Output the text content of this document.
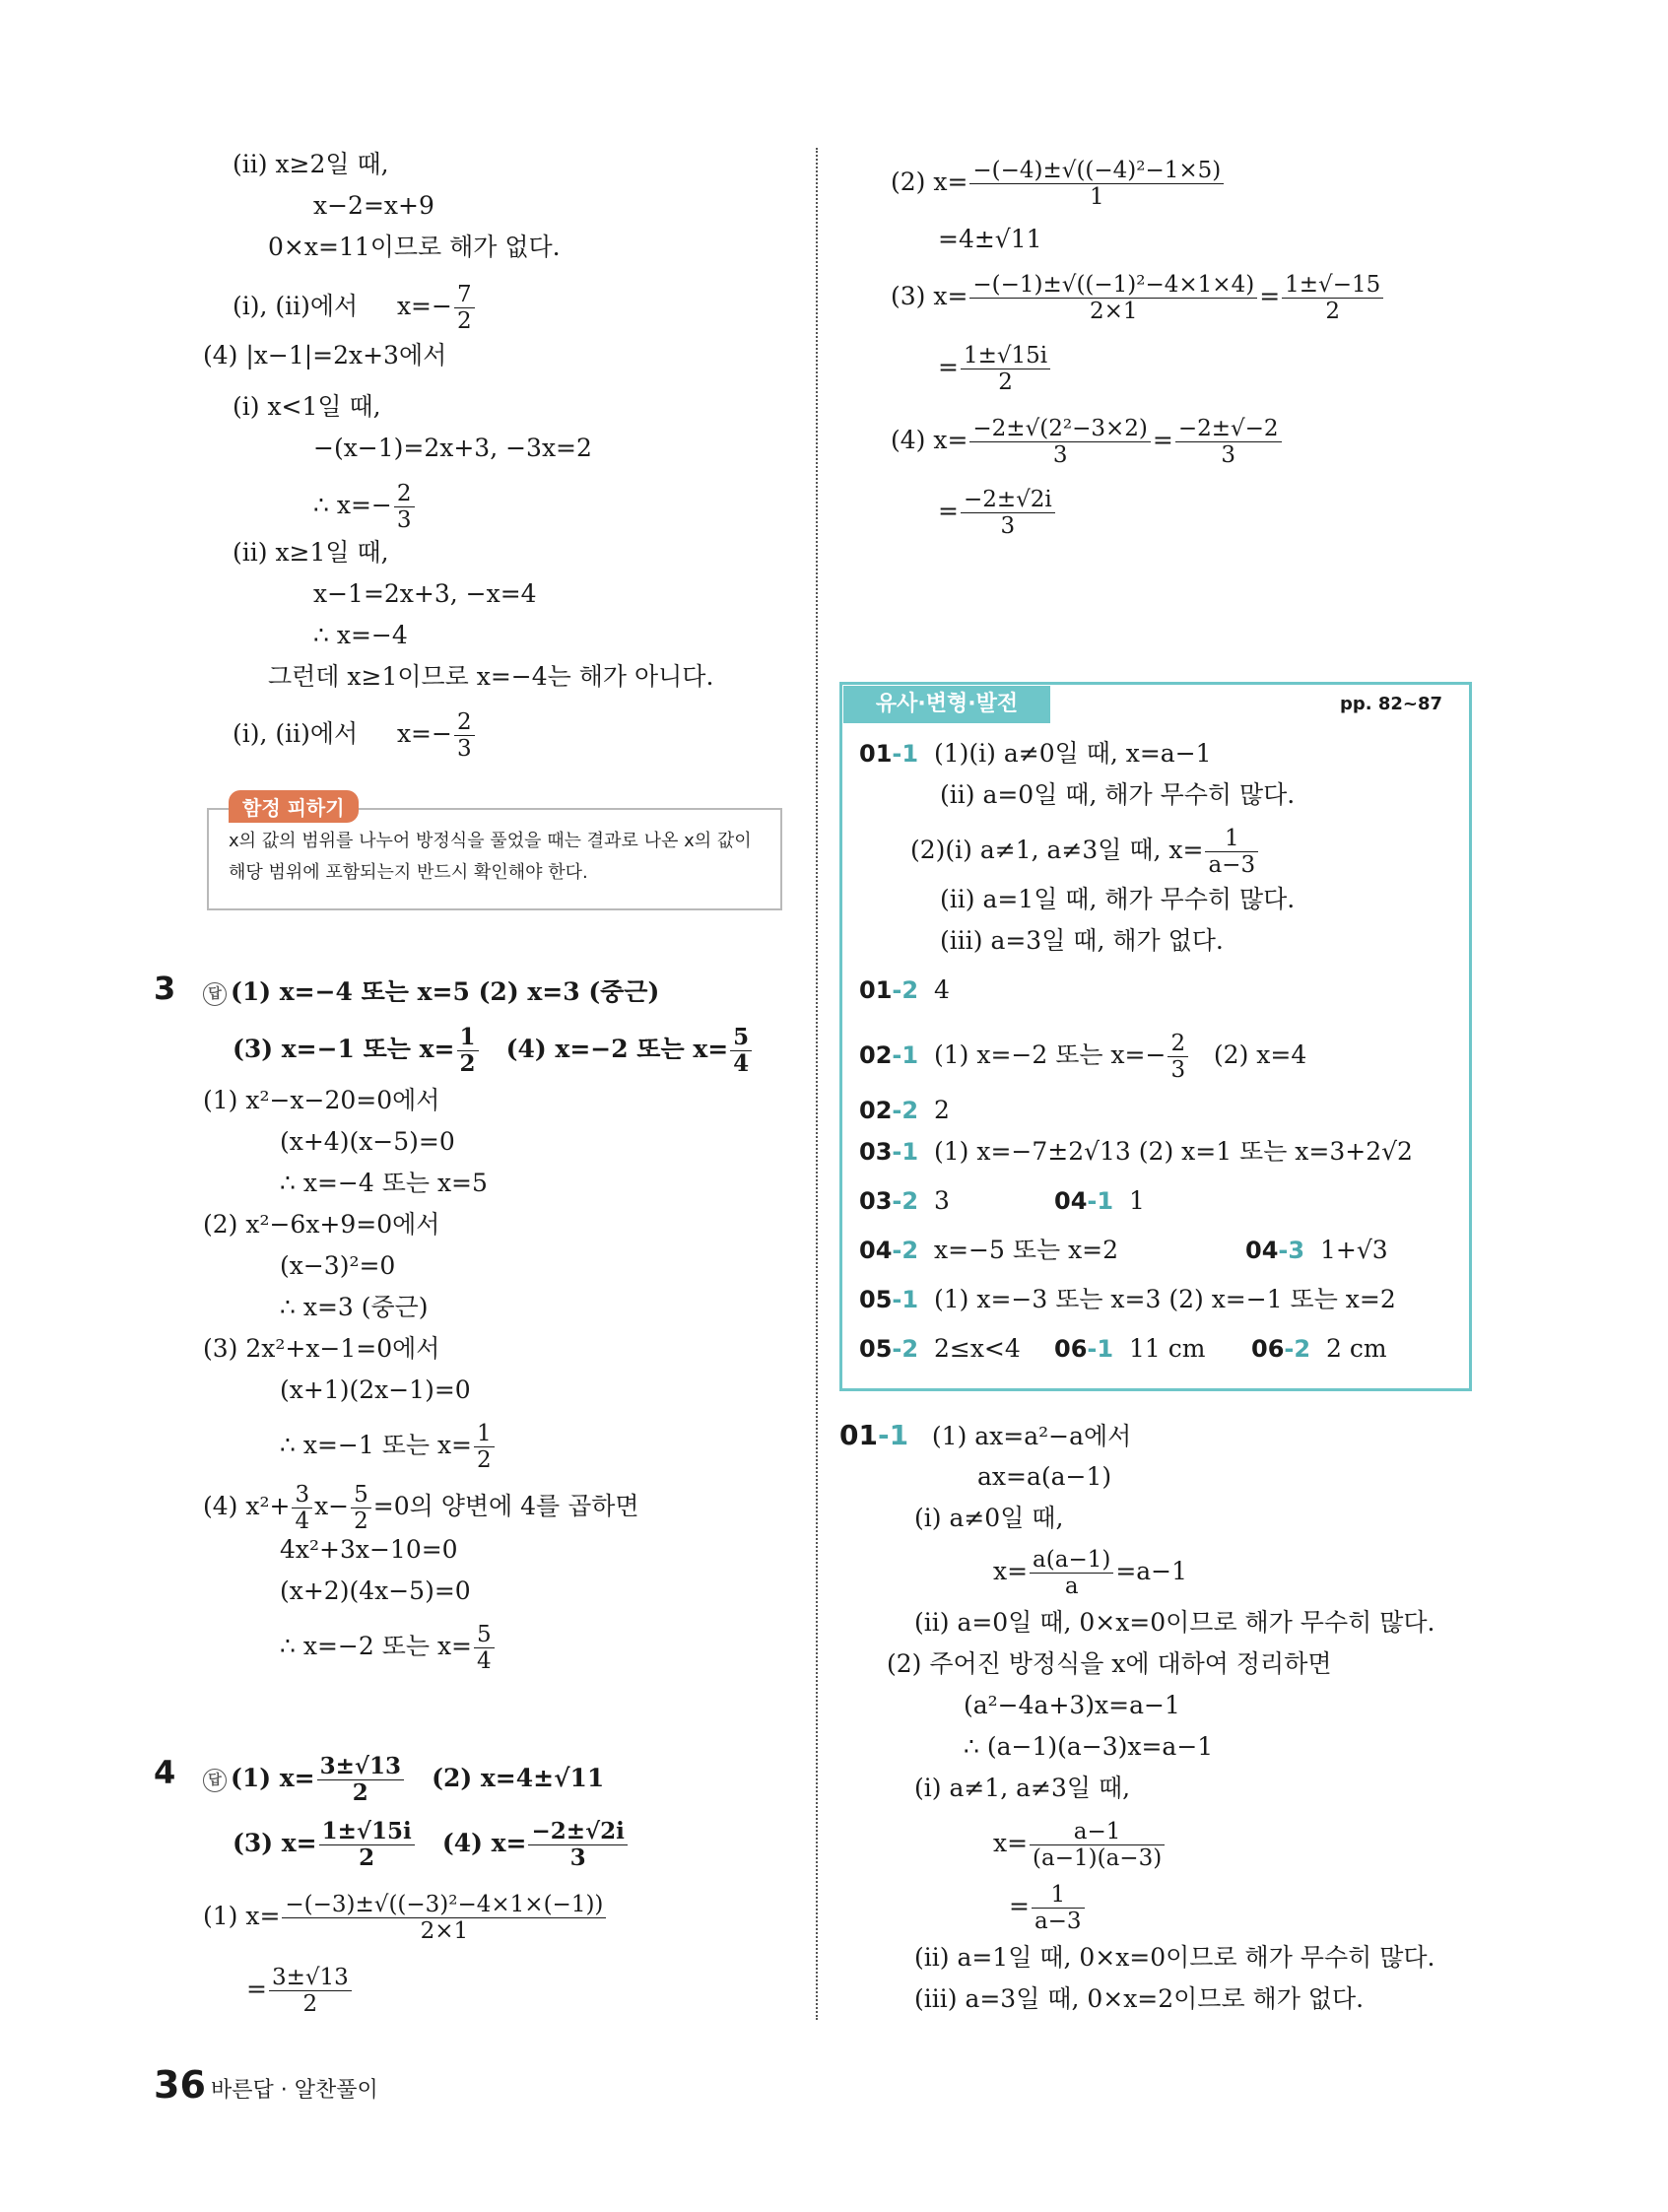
(ⅱ) x≥2일 때,
x−2=x+9
0×x=11이므로 해가 없다.
(ⅰ), (ⅱ)에서 $x=- \frac{7}{2}$
(4) |x−1|=2x+3에서
(ⅰ) x<1일 때,
−(x−1)=2x+3, −3x=2
∴ $x=- \frac{2}{3}$
(ⅱ) x≥1일 때,
x−1=2x+3, −x=4
∴ x=−4
그런데 x≥1이므로 x=−4는 해가 아니다.
(ⅰ), (ⅱ)에서 $x=- \frac{2}{3}$
함정 피하기
x의 값의 범위를 나누어 방정식을 풀었을 때는 결과로 나온 x의 값이 해당 범위에 포함되는지 반드시 확인해야 한다.
3	답 (1) x=−4 또는 x=5 (2) x=3 (중근)
(3) x=−1 또는 $x= \frac{1}{2} (4)$ x=−2 또는 $x= \frac{5}{4}$
(1) x²−x−20=0에서
(x+4)(x−5)=0
∴ x=−4 또는 x=5
(2) x²−6x+9=0에서
(x−3)²=0
∴ x=3 (중근)
(3) 2x²+x−1=0에서
(x+1)(2x−1)=0
∴ x=−1 또는 $x= \frac{1}{2}$
(4) $x^2+ \frac{3}{4} x- \frac{5}{2} =0$의 양변에 4를 곱하면
4x²+3x−10=0
(x+2)(4x−5)=0
∴ x=−2 또는 $x= \frac{5}{4}$
4	답 (1) $x= \frac{3\pm√13}{2} (2)$ x=4±√11
(3) $x= \frac{1\pm√15i}{2} (4)$ $x= \frac{-2\pm√2i}{3}$
(1) $x= \frac{\text{−(−3)±√((−3)²−4×1×(−1))}}{2\times 1}$
= $\frac{3\pm√13}{2}$
(2) $x= \frac{\text{−(−4)±√((−4)²−1×5)}}{1}$
=4±√11
(3) $x= \frac{\text{−(−1)±√((−1)²−4×1×4)}}{2\times 1} = \frac{1\pm√-15}{2}$
= $\frac{1\pm√15i}{2}$
(4) $x= \frac{\text{−2±√(2²−3×2)}}{3} = \frac{-2\pm√-2}{3}$
= $\frac{-2\pm√2i}{3}$
유사·변형·발전	pp. 82~87
01-1 (1)(ⅰ) a≠0일 때, x=a−1
(ⅱ) a=0일 때, 해가 무수히 많다.
(2)(ⅰ) a≠1, a≠3일 때, $x= \frac{1}{a-3}$
(ⅱ) a=1일 때, 해가 무수히 많다.
(ⅲ) a=3일 때, 해가 없다.
01-2 4
02-1 (1) x=−2 또는 $x=- \frac{2}{3} (2)$ x=4
02-2 2
03-1 (1) x=−7±2√13 (2) x=1 또는 x=3+2√2
03-2 3	04-1 1
04-2 x=−5 또는 x=2	04-3 1+√3
05-1 (1) x=−3 또는 x=3 (2) x=−1 또는 x=2
05-2 2≤x<4 06-1 11 cm 06-2 2 cm
01-1 (1) ax=a²−a에서
ax=a(a−1)
(ⅰ) a≠0일 때,
$x= \frac{a(a-1)}{a} =a-1$
(ⅱ) a=0일 때, 0×x=0이므로 해가 무수히 많다.
(2) 주어진 방정식을 x에 대하여 정리하면
(a²−4a+3)x=a−1
∴ (a−1)(a−3)x=a−1
(ⅰ) a≠1, a≠3일 때,
$x= \frac{a-1}{(a-1)(a-3)}$
= $\frac{1}{a-3}$
(ⅱ) a=1일 때, 0×x=0이므로 해가 무수히 많다.
(ⅲ) a=3일 때, 0×x=2이므로 해가 없다.
36 바른답 · 알찬풀이
